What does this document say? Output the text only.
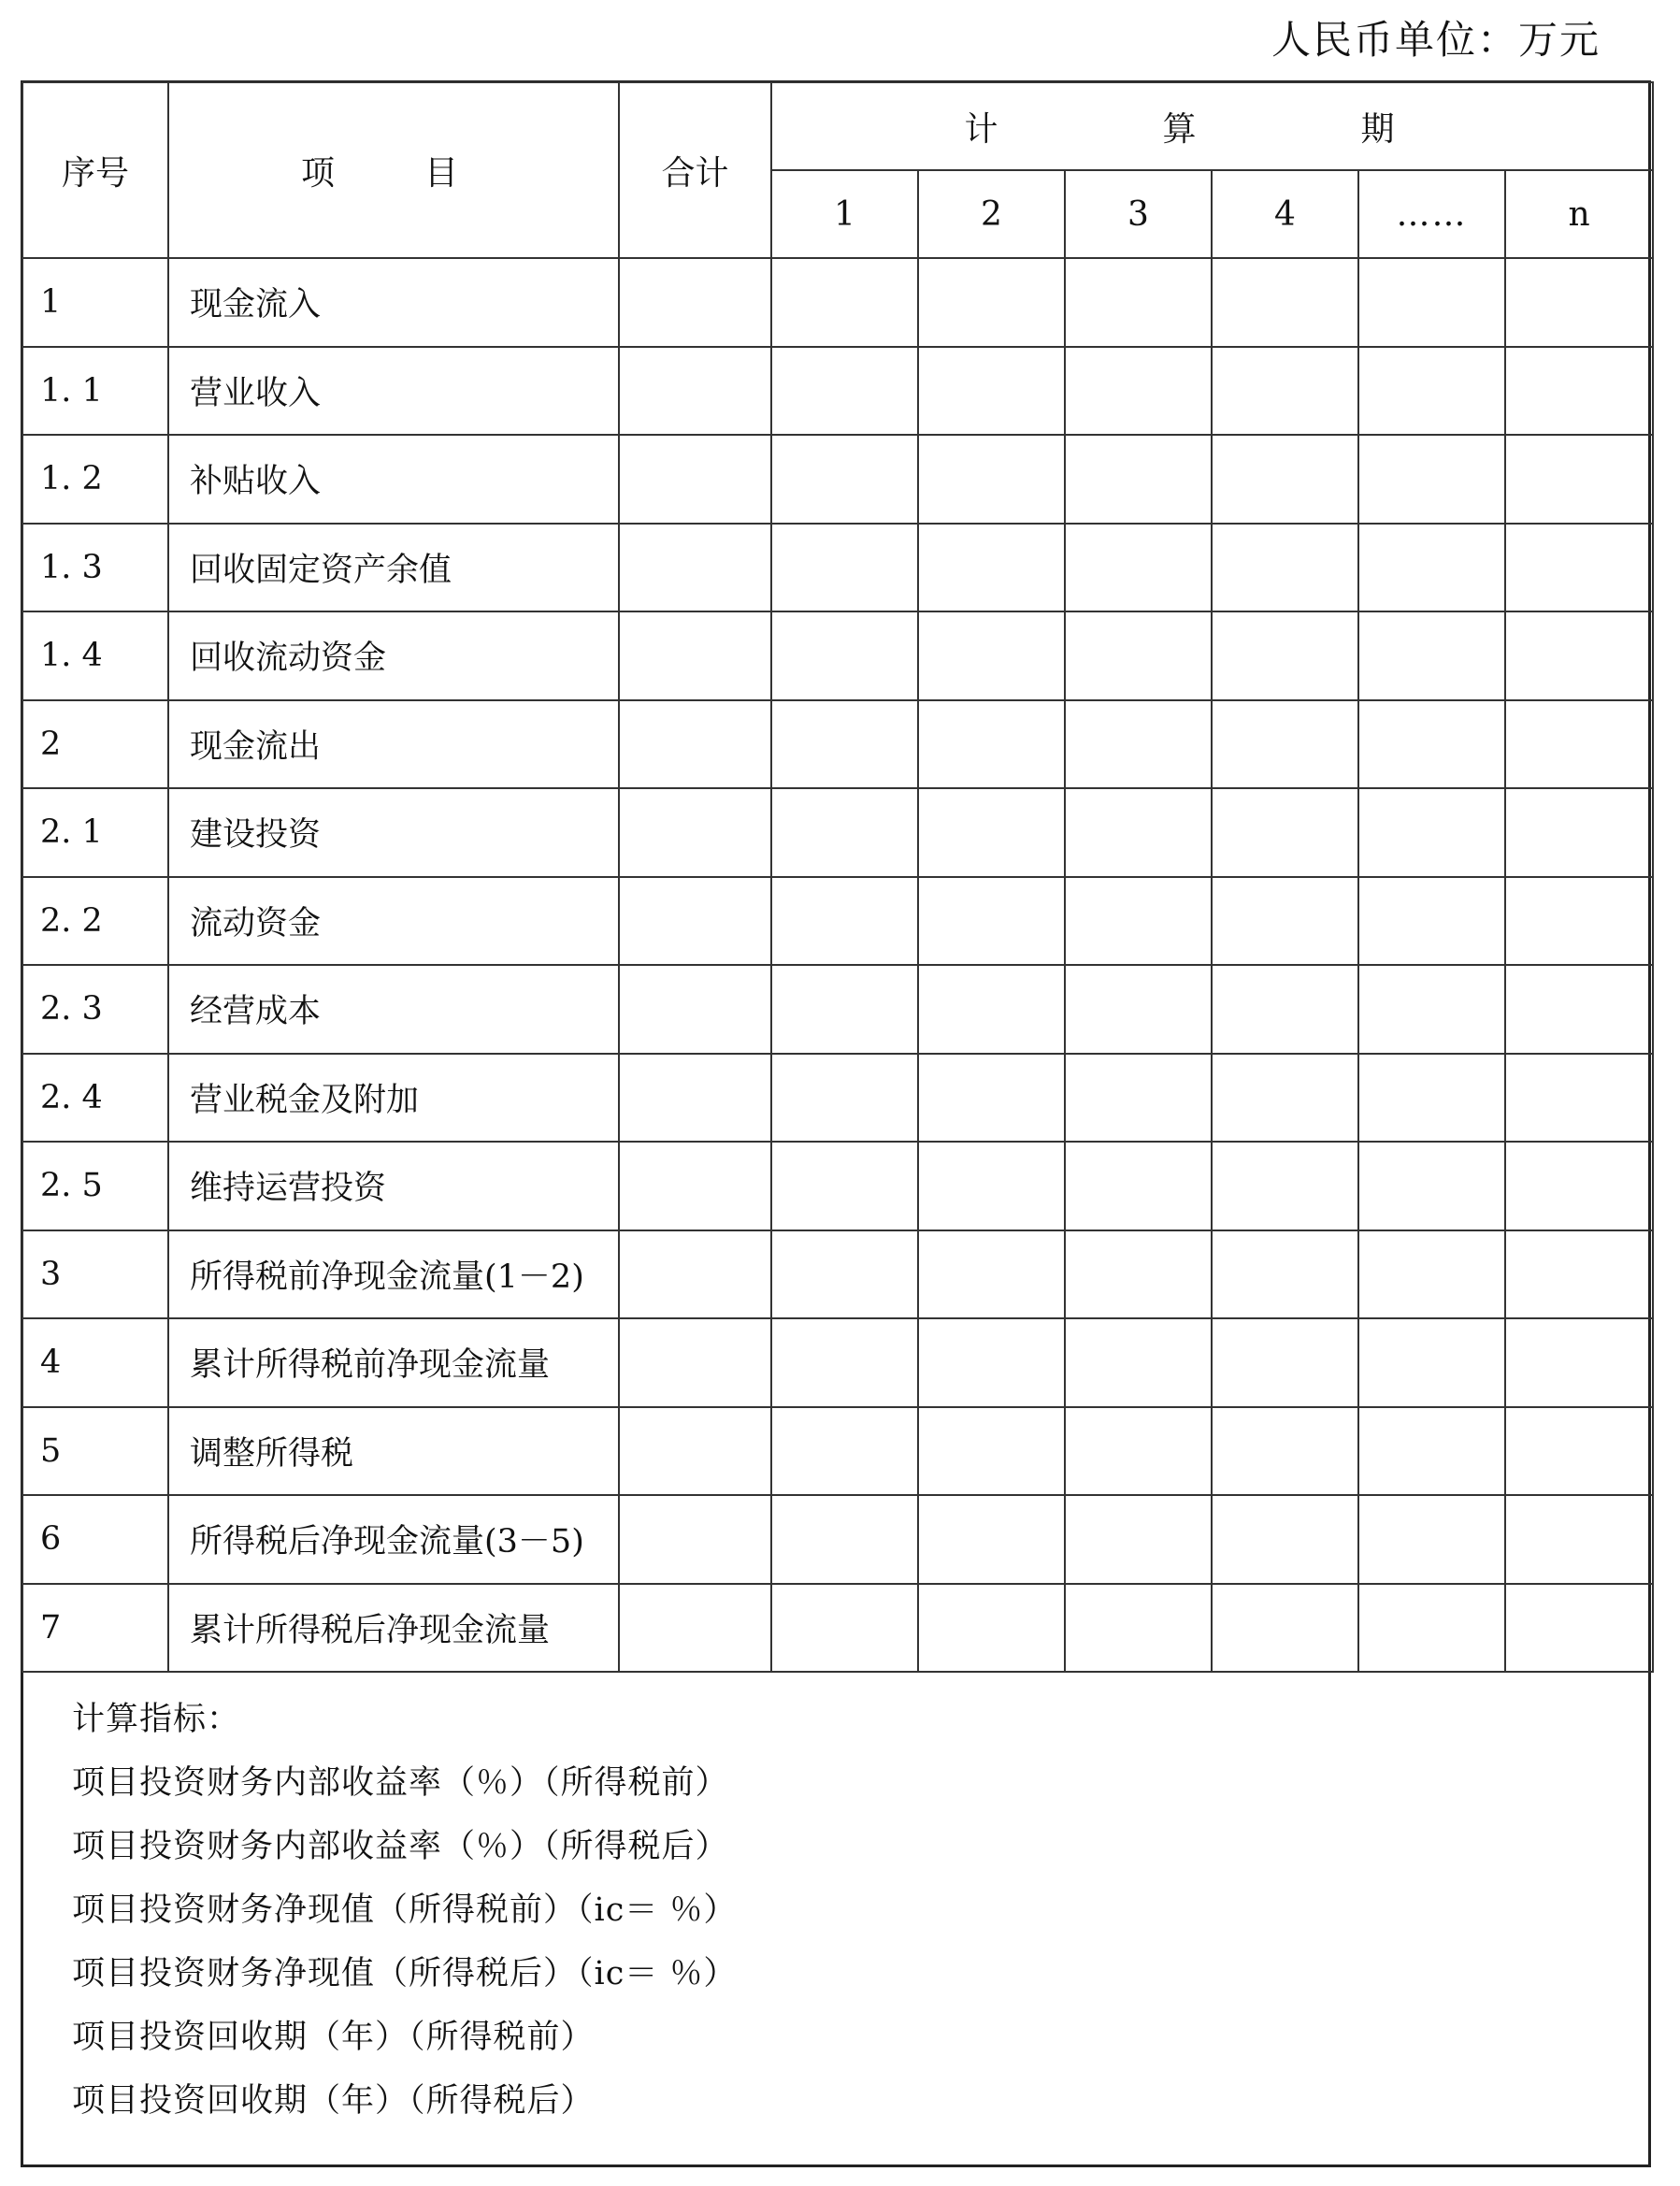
人民币单位：万元
序号	项　目	合计	计　算　期					
			1	2	3	4	……	n
1	现金流入							
1. 1	营业收入							
1. 2	补贴收入							
1. 3	回收固定资产余值							
1. 4	回收流动资金							
2	现金流出							
2. 1	建设投资							
2. 2	流动资金							
2. 3	经营成本							
2. 4	营业税金及附加							
2. 5	维持运营投资							
3	所得税前净现金流量(1－2)							
4	累计所得税前净现金流量							
5	调整所得税							
6	所得税后净现金流量(3－5)							
7	累计所得税后净现金流量							
计算指标：
项目投资财务内部收益率（％）（所得税前）
项目投资财务内部收益率（％）（所得税后）
项目投资财务净现值（所得税前）（ic＝ ％）
项目投资财务净现值（所得税后）（ic＝ ％）
项目投资回收期（年）（所得税前）
项目投资回收期（年）（所得税后）
